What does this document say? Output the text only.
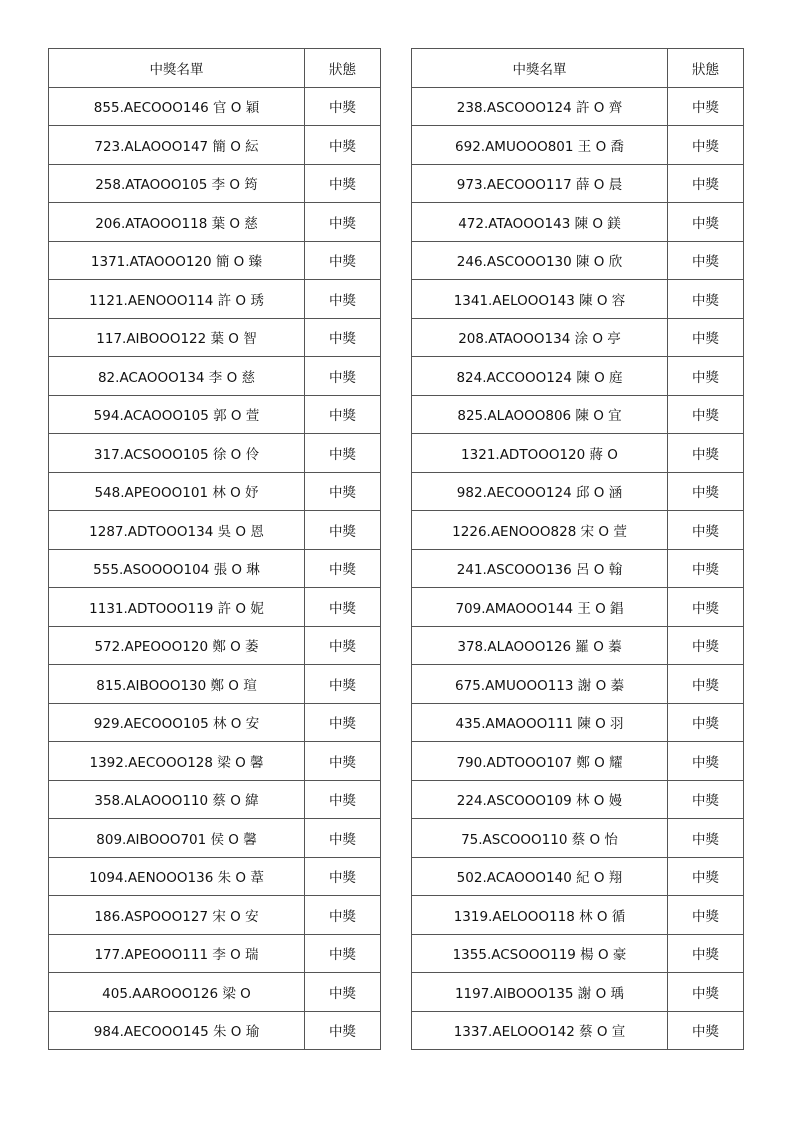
中獎名單	狀態
855.AECOOO146 官 O 穎	中獎
723.ALAOOO147 簡 O 紜	中獎
258.ATAOOO105 李 O 筠	中獎
206.ATAOOO118 葉 O 慈	中獎
1371.ATAOOO120 簡 O 臻	中獎
1121.AENOOO114 許 O 琇	中獎
117.AIBOOO122 葉 O 智	中獎
82.ACAOOO134 李 O 慈	中獎
594.ACAOOO105 郭 O 萱	中獎
317.ACSOOO105 徐 O 伶	中獎
548.APEOOO101 林 O 妤	中獎
1287.ADTOOO134 吳 O 恩	中獎
555.ASOOOO104 張 O 琳	中獎
1131.ADTOOO119 許 O 妮	中獎
572.APEOOO120 鄭 O 萎	中獎
815.AIBOOO130 鄭 O 瑄	中獎
929.AECOOO105 林 O 安	中獎
1392.AECOOO128 梁 O 馨	中獎
358.ALAOOO110 蔡 O 緯	中獎
809.AIBOOO701 侯 O 馨	中獎
1094.AENOOO136 朱 O 葦	中獎
186.ASPOOO127 宋 O 安	中獎
177.APEOOO111 李 O 瑞	中獎
405.AAROOO126 梁 O	中獎
984.AECOOO145 朱 O 瑜	中獎
中獎名單	狀態
238.ASCOOO124 許 O 齊	中獎
692.AMUOOO801 王 O 喬	中獎
973.AECOOO117 薛 O 晨	中獎
472.ATAOOO143 陳 O 鎂	中獎
246.ASCOOO130 陳 O 欣	中獎
1341.AELOOO143 陳 O 容	中獎
208.ATAOOO134 涂 O 亭	中獎
824.ACCOOO124 陳 O 庭	中獎
825.ALAOOO806 陳 O 宜	中獎
1321.ADTOOO120 蔣 O	中獎
982.AECOOO124 邱 O 涵	中獎
1226.AENOOO828 宋 O 萱	中獎
241.ASCOOO136 呂 O 翰	中獎
709.AMAOOO144 王 O 錩	中獎
378.ALAOOO126 羅 O 蓁	中獎
675.AMUOOO113 謝 O 蓁	中獎
435.AMAOOO111 陳 O 羽	中獎
790.ADTOOO107 鄭 O 耀	中獎
224.ASCOOO109 林 O 嫚	中獎
75.ASCOOO110 蔡 O 怡	中獎
502.ACAOOO140 紀 O 翔	中獎
1319.AELOOO118 林 O 循	中獎
1355.ACSOOO119 楊 O 豪	中獎
1197.AIBOOO135 謝 O 瑀	中獎
1337.AELOOO142 蔡 O 宣	中獎
